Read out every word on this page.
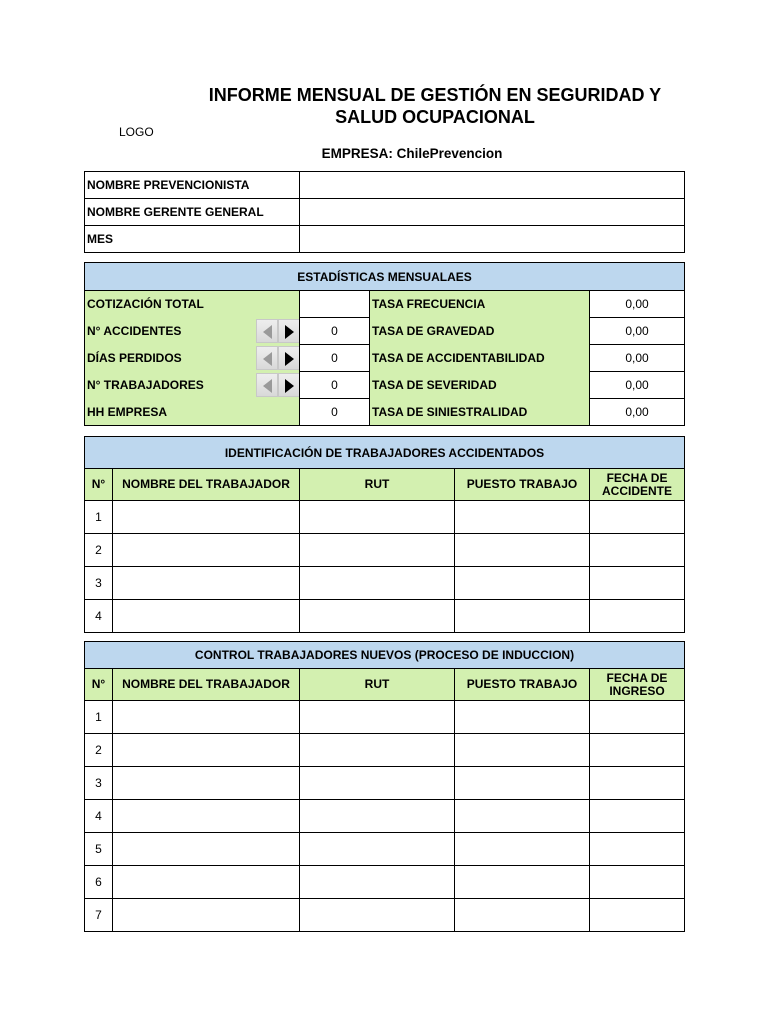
INFORME MENSUAL DE GESTIÓN EN SEGURIDAD Y SALUD OCUPACIONAL
LOGO
EMPRESA: ChilePrevencion
NOMBRE PREVENCIONISTA	
NOMBRE GERENTE GENERAL	
MES	
ESTADÍSTICAS MENSUALAES			
COTIZACIÓN TOTAL		TASA FRECUENCIA	0,00
N° ACCIDENTES	0	TASA DE GRAVEDAD	0,00
DÍAS PERDIDOS	0	TASA DE ACCIDENTABILIDAD	0,00
N° TRABAJADORES	0	TASA DE SEVERIDAD	0,00
HH EMPRESA	0	TASA DE SINIESTRALIDAD	0,00
IDENTIFICACIÓN DE TRABAJADORES ACCIDENTADOS				
N°	NOMBRE DEL TRABAJADOR	RUT	PUESTO TRABAJO	FECHA DE ACCIDENTE
1				
2				
3				
4				
CONTROL TRABAJADORES NUEVOS (PROCESO DE INDUCCION)				
N°	NOMBRE DEL TRABAJADOR	RUT	PUESTO TRABAJO	FECHA DE INGRESO
1				
2				
3				
4				
5				
6				
7				
